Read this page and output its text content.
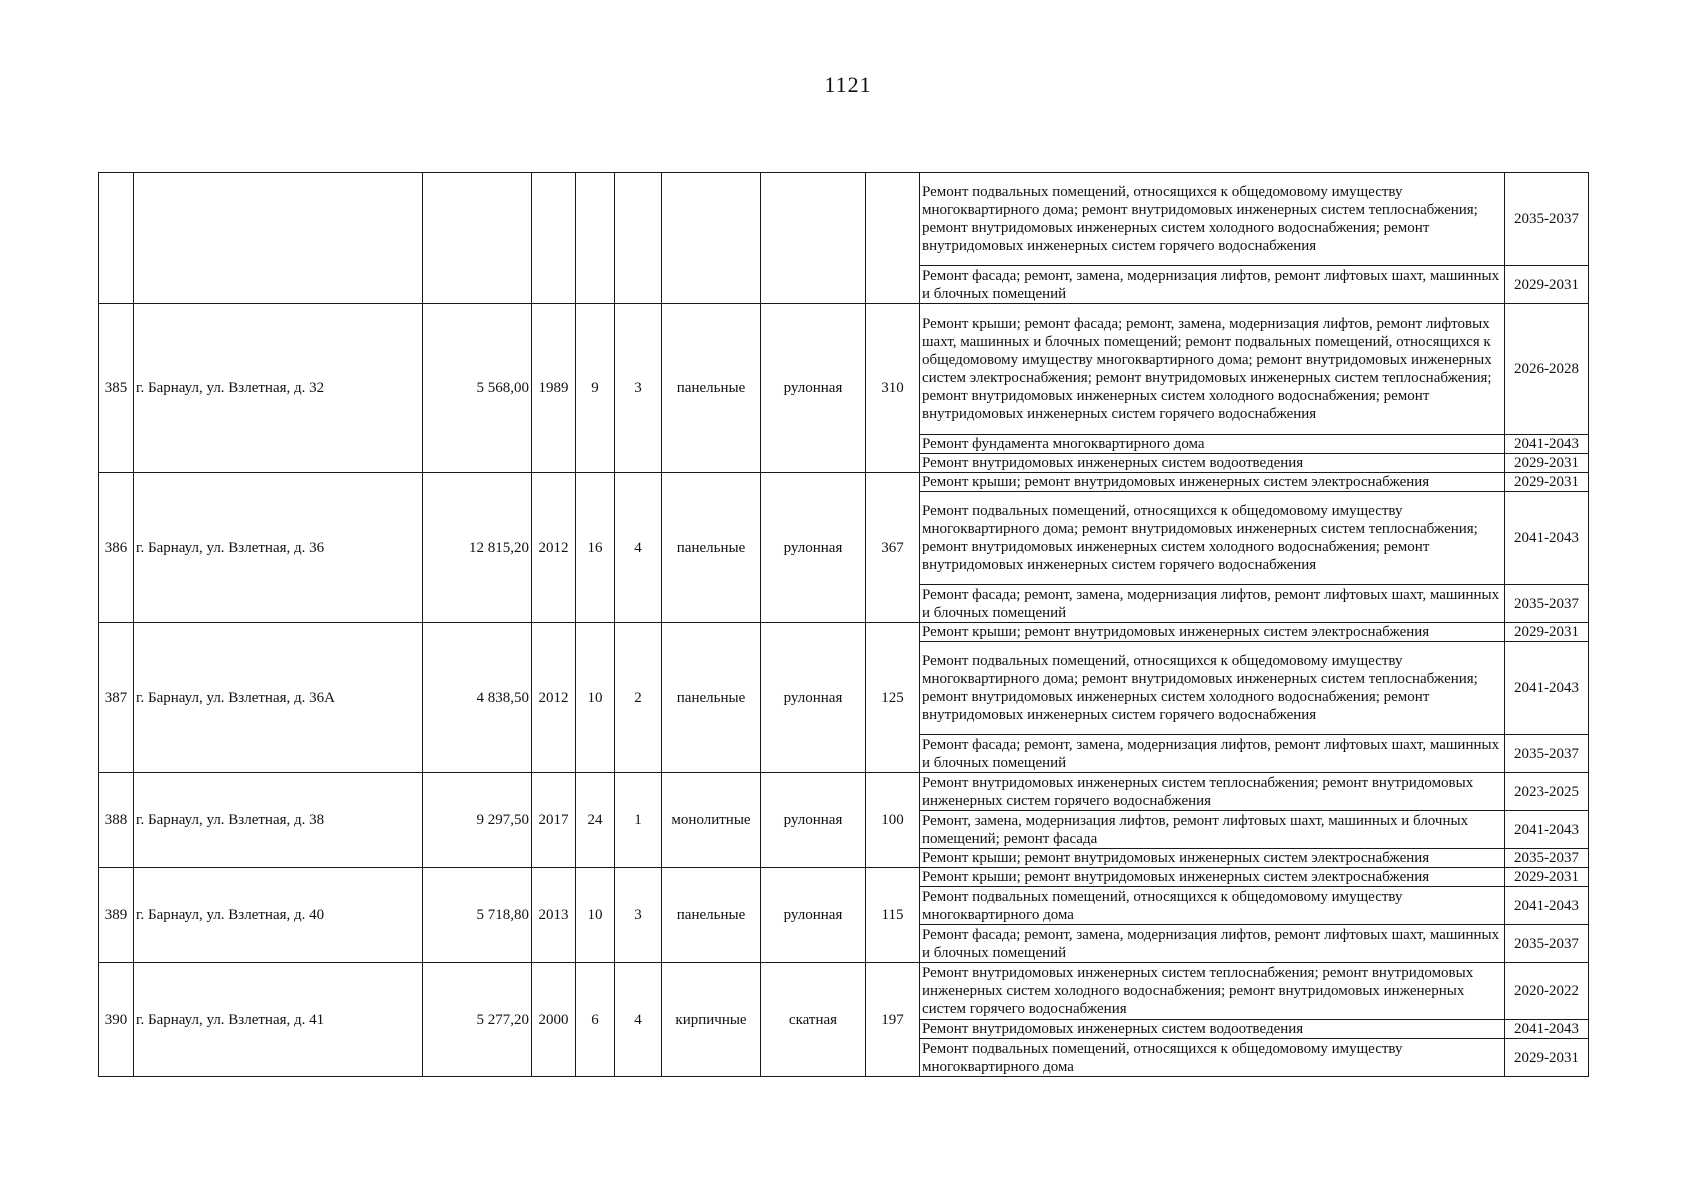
1121
									Ремонт подвальных помещений, относящихся к общедомовому имуществу многоквартирного дома; ремонт внутридомовых инженерных систем теплоснабжения; ремонт внутридомовых инженерных систем холодного водоснабжения; ремонт внутридомовых инженерных систем горячего водоснабжения	2035-2037
									Ремонт фасада; ремонт, замена, модернизация лифтов, ремонт лифтовых шахт, машинных и блочных помещений	2029-2031
385	г. Барнаул, ул. Взлетная, д. 32	5 568,00	1989	9	3	панельные	рулонная	310	Ремонт крыши; ремонт фасада; ремонт, замена, модернизация лифтов, ремонт лифтовых шахт, машинных и блочных помещений; ремонт подвальных помещений, относящихся к общедомовому имуществу многоквартирного дома; ремонт внутридомовых инженерных систем электроснабжения; ремонт внутридомовых инженерных систем теплоснабжения; ремонт внутридомовых инженерных систем холодного водоснабжения; ремонт внутридомовых инженерных систем горячего водоснабжения	2026-2028
									Ремонт фундамента многоквартирного дома	2041-2043
									Ремонт внутридомовых инженерных систем водоотведения	2029-2031
386	г. Барнаул, ул. Взлетная, д. 36	12 815,20	2012	16	4	панельные	рулонная	367	Ремонт крыши; ремонт внутридомовых инженерных систем электроснабжения	2029-2031
									Ремонт подвальных помещений, относящихся к общедомовому имуществу многоквартирного дома; ремонт внутридомовых инженерных систем теплоснабжения; ремонт внутридомовых инженерных систем холодного водоснабжения; ремонт внутридомовых инженерных систем горячего водоснабжения	2041-2043
									Ремонт фасада; ремонт, замена, модернизация лифтов, ремонт лифтовых шахт, машинных и блочных помещений	2035-2037
387	г. Барнаул, ул. Взлетная, д. 36А	4 838,50	2012	10	2	панельные	рулонная	125	Ремонт крыши; ремонт внутридомовых инженерных систем электроснабжения	2029-2031
									Ремонт подвальных помещений, относящихся к общедомовому имуществу многоквартирного дома; ремонт внутридомовых инженерных систем теплоснабжения; ремонт внутридомовых инженерных систем холодного водоснабжения; ремонт внутридомовых инженерных систем горячего водоснабжения	2041-2043
									Ремонт фасада; ремонт, замена, модернизация лифтов, ремонт лифтовых шахт, машинных и блочных помещений	2035-2037
388	г. Барнаул, ул. Взлетная, д. 38	9 297,50	2017	24	1	монолитные	рулонная	100	Ремонт внутридомовых инженерных систем теплоснабжения; ремонт внутридомовых инженерных систем горячего водоснабжения	2023-2025
									Ремонт, замена, модернизация лифтов, ремонт лифтовых шахт, машинных и блочных помещений; ремонт фасада	2041-2043
									Ремонт крыши; ремонт внутридомовых инженерных систем электроснабжения	2035-2037
389	г. Барнаул, ул. Взлетная, д. 40	5 718,80	2013	10	3	панельные	рулонная	115	Ремонт крыши; ремонт внутридомовых инженерных систем электроснабжения	2029-2031
									Ремонт подвальных помещений, относящихся к общедомовому имуществу многоквартирного дома	2041-2043
									Ремонт фасада; ремонт, замена, модернизация лифтов, ремонт лифтовых шахт, машинных и блочных помещений	2035-2037
390	г. Барнаул, ул. Взлетная, д. 41	5 277,20	2000	6	4	кирпичные	скатная	197	Ремонт внутридомовых инженерных систем теплоснабжения; ремонт внутридомовых инженерных систем холодного водоснабжения; ремонт внутридомовых инженерных систем горячего водоснабжения	2020-2022
									Ремонт внутридомовых инженерных систем водоотведения	2041-2043
									Ремонт подвальных помещений, относящихся к общедомовому имуществу многоквартирного дома	2029-2031
